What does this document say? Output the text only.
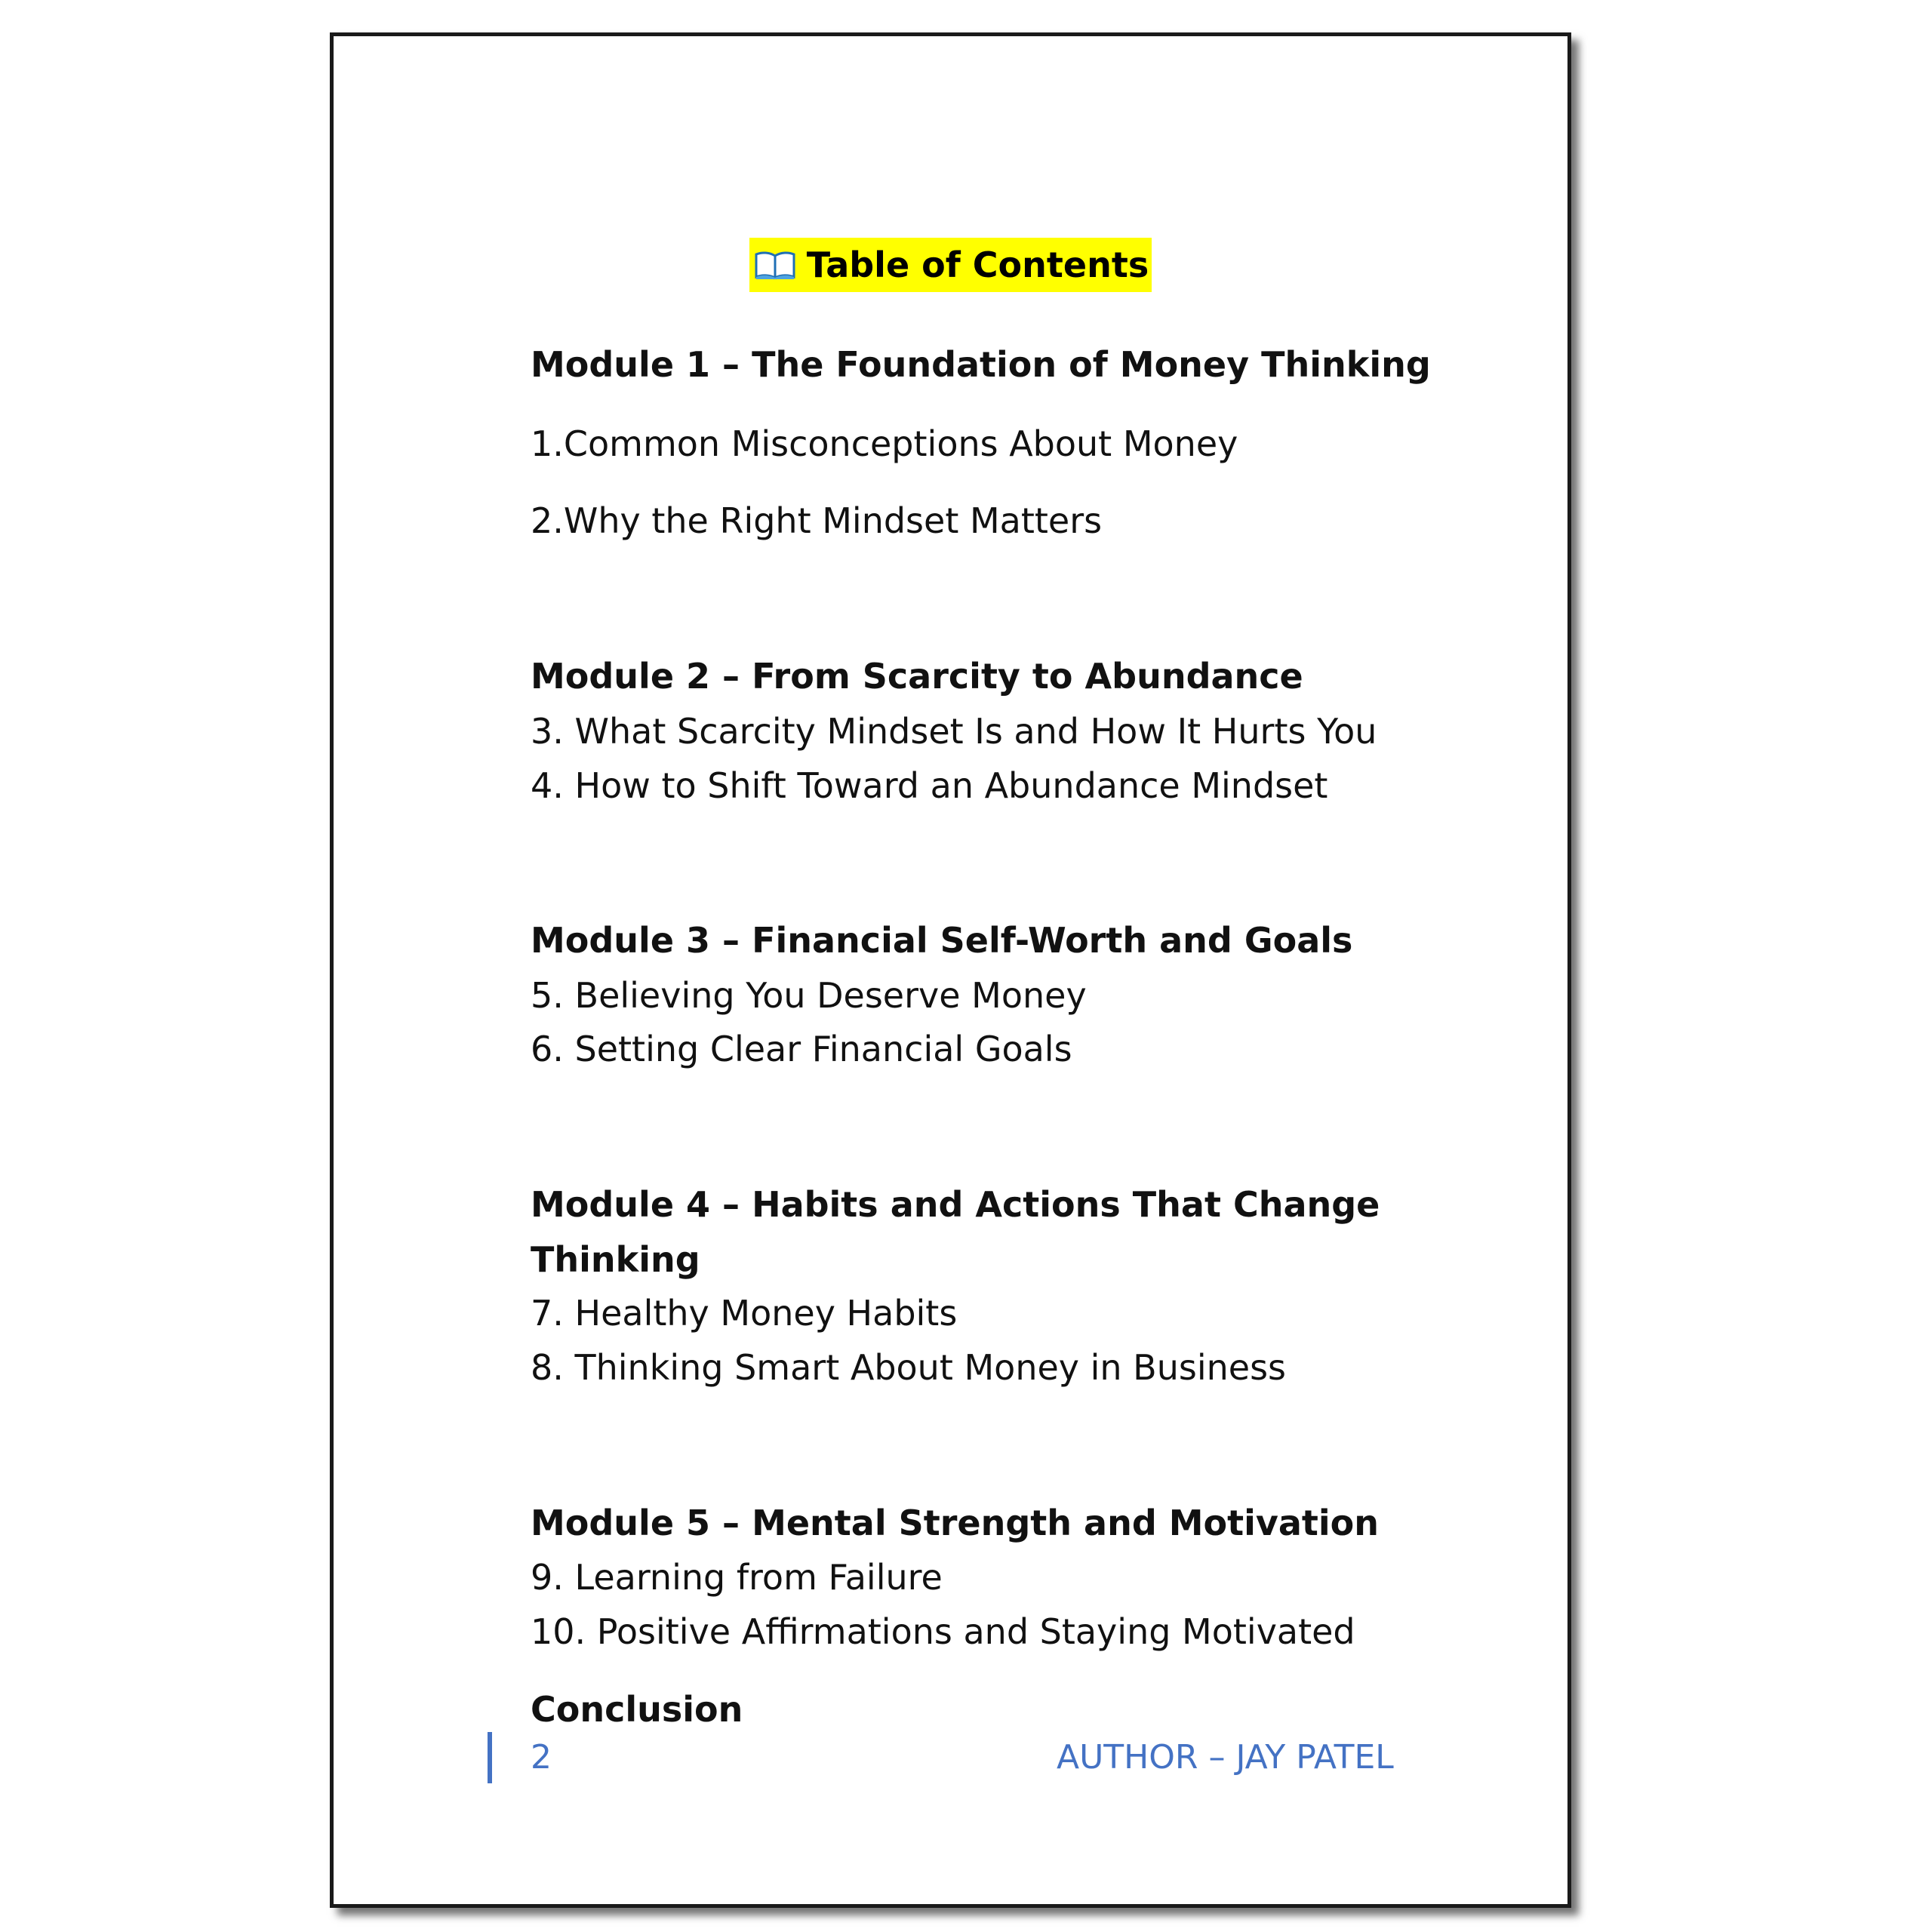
Table of Contents
Module 1 – The Foundation of Money Thinking
1.Common Misconceptions About Money
2.Why the Right Mindset Matters
Module 2 – From Scarcity to Abundance
3. What Scarcity Mindset Is and How It Hurts You
4. How to Shift Toward an Abundance Mindset
Module 3 – Financial Self-Worth and Goals
5. Believing You Deserve Money
6. Setting Clear Financial Goals
Module 4 – Habits and Actions That Change
Thinking
7. Healthy Money Habits
8. Thinking Smart About Money in Business
Module 5 – Mental Strength and Motivation
9. Learning from Failure
10. Positive Affirmations and Staying Motivated
Conclusion
2	AUTHOR – JAY PATEL
